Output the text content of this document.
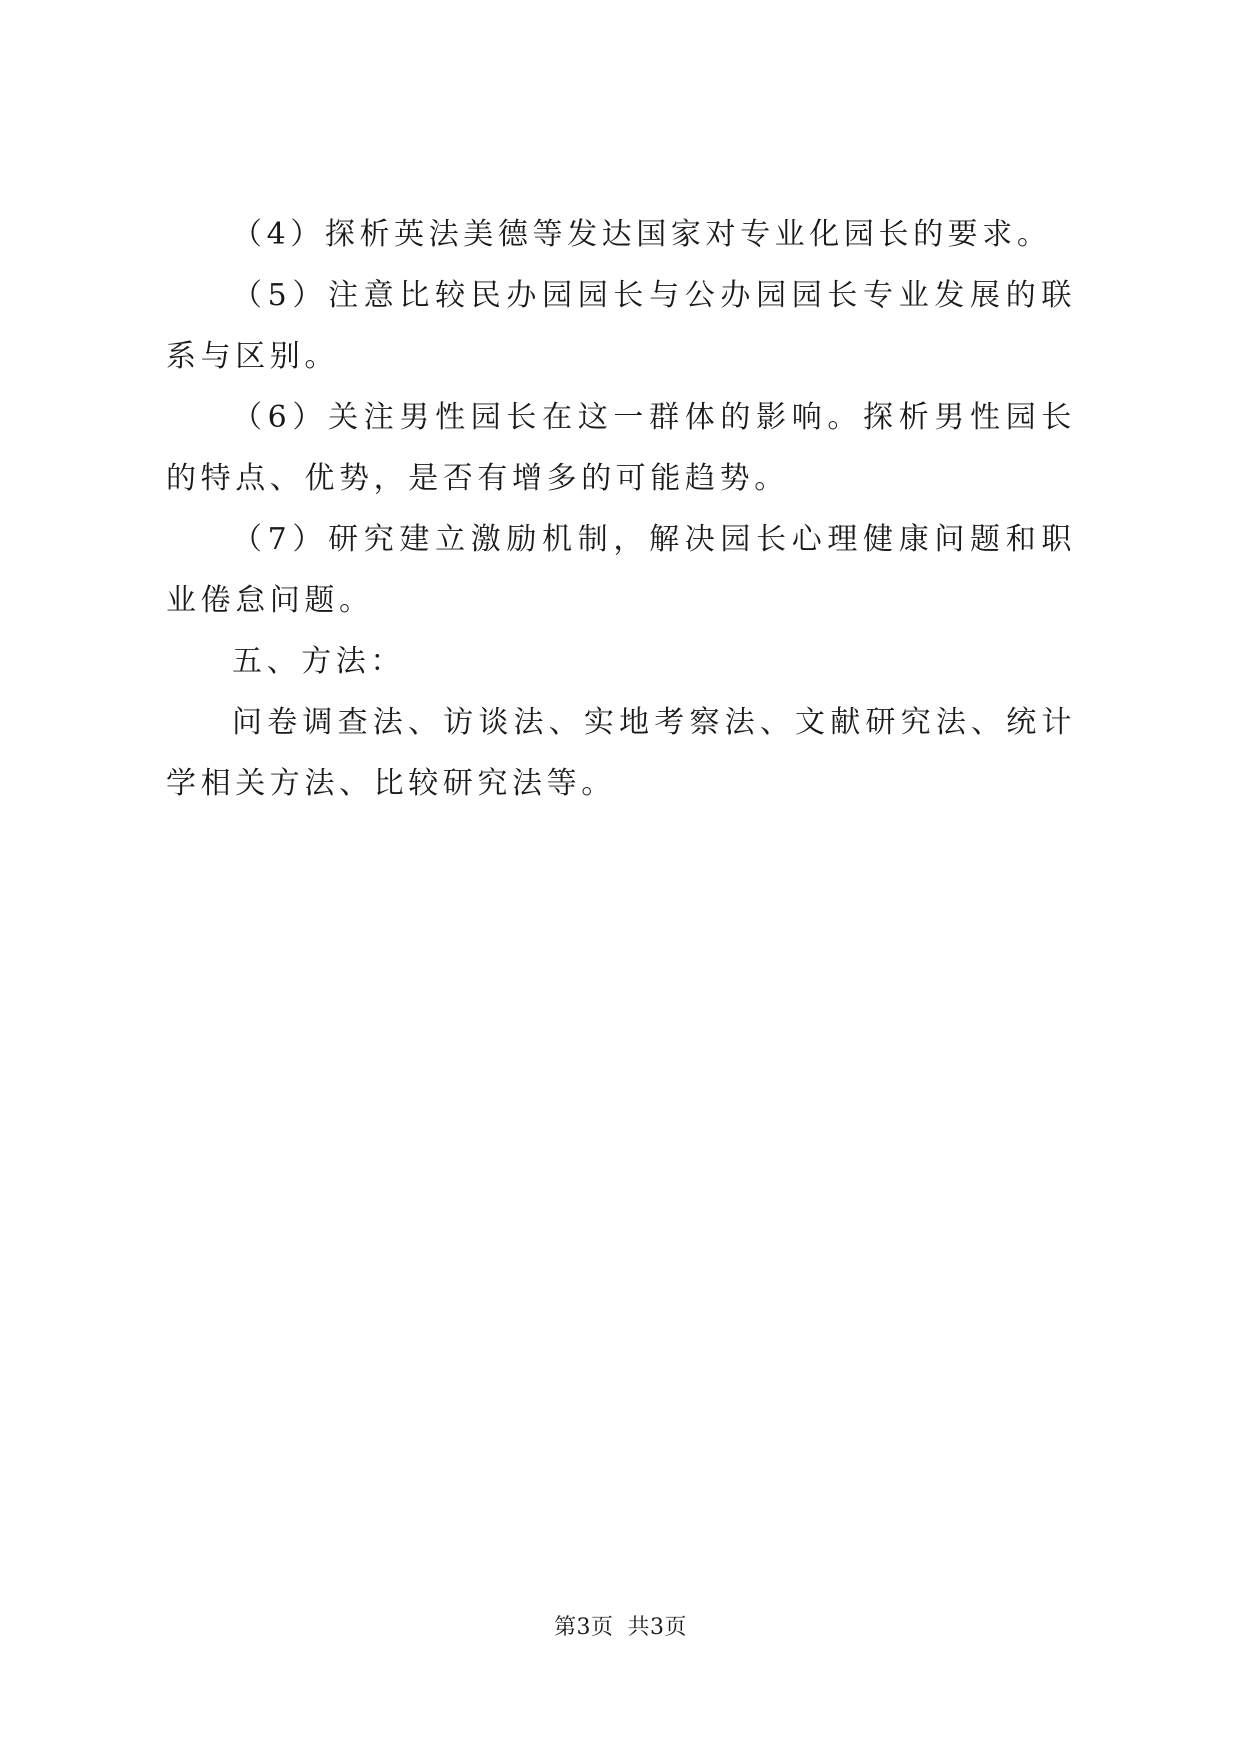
（4）探析英法美德等发达国家对专业化园长的要求。

（5）注意比较民办园园长与公办园园长专业发展的联系与区别。

（6）关注男性园长在这一群体的影响。探析男性园长的特点、优势，是否有增多的可能趋势。

（7）研究建立激励机制，解决园长心理健康问题和职业倦怠问题。

五、方法：

问卷调查法、访谈法、实地考察法、文献研究法、统计学相关方法、比较研究法等。

第3页 共3页
